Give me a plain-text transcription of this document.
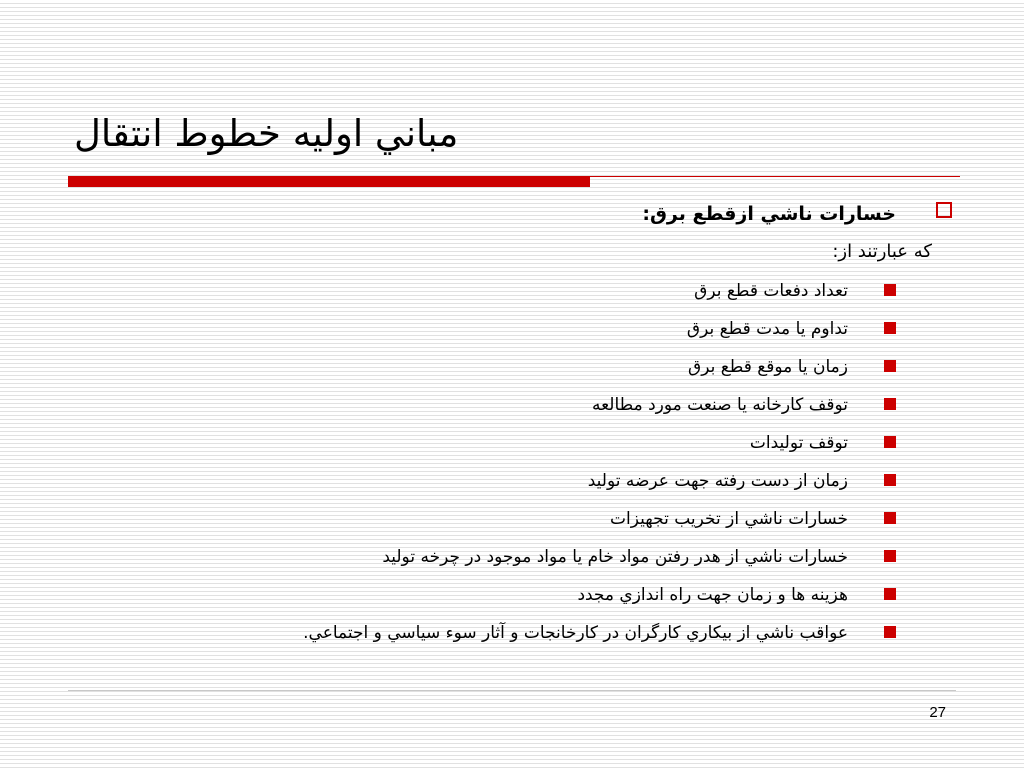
مباني اوليه خطوط انتقال
خسارات ناشي ازقطع برق:
كه عبارتند از:
تعداد دفعات قطع برق
تداوم يا مدت قطع برق
زمان يا موقع قطع برق
توقف كارخانه يا صنعت مورد مطالعه
توقف توليدات
زمان از دست رفته جهت عرضه توليد
خسارات ناشي از تخريب تجهيزات
خسارات ناشي از هدر رفتن مواد خام يا مواد موجود در چرخه توليد
هزينه ها و زمان جهت راه اندازي مجدد
عواقب ناشي از بيكاري كارگران در كارخانجات و آثار سوء سياسي و اجتماعي.
27
